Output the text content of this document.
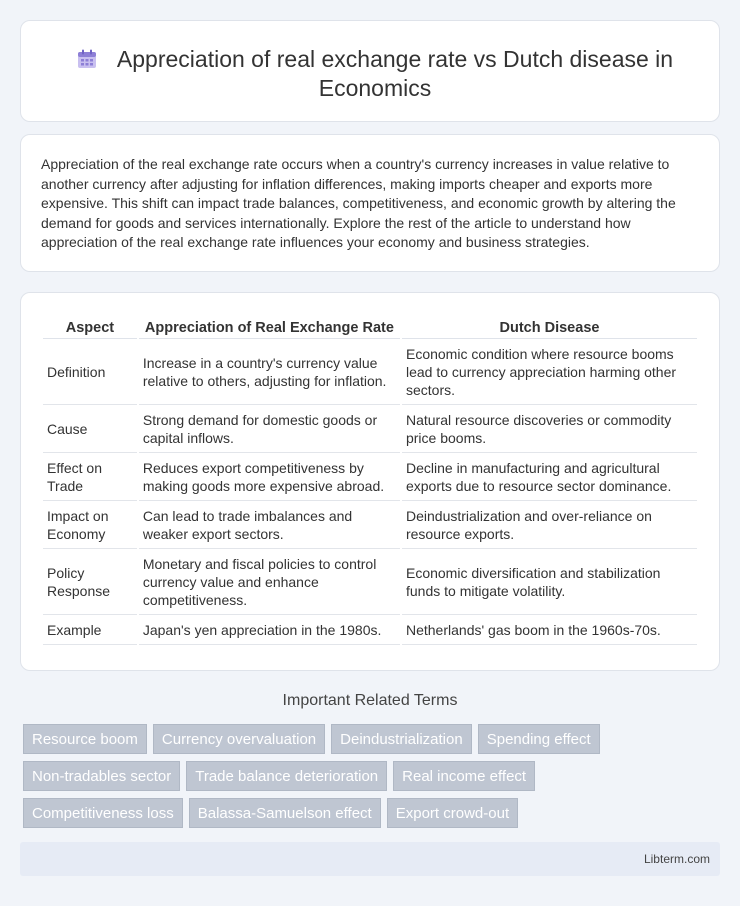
Appreciation of real exchange rate vs Dutch disease in Economics

Appreciation of the real exchange rate occurs when a country's currency increases in value relative to another currency after adjusting for inflation differences, making imports cheaper and exports more expensive. This shift can impact trade balances, competitiveness, and economic growth by altering the demand for goods and services internationally. Explore the rest of the article to understand how appreciation of the real exchange rate influences your economy and business strategies.

Aspect	Appreciation of Real Exchange Rate	Dutch Disease
Definition	Increase in a country's currency value relative to others, adjusting for inflation.	Economic condition where resource booms lead to currency appreciation harming other sectors.
Cause	Strong demand for domestic goods or capital inflows.	Natural resource discoveries or commodity price booms.
Effect on Trade	Reduces export competitiveness by making goods more expensive abroad.	Decline in manufacturing and agricultural exports due to resource sector dominance.
Impact on Economy	Can lead to trade imbalances and weaker export sectors.	Deindustrialization and over-reliance on resource exports.
Policy Response	Monetary and fiscal policies to control currency value and enhance competitiveness.	Economic diversification and stabilization funds to mitigate volatility.
Example	Japan's yen appreciation in the 1980s.	Netherlands' gas boom in the 1960s-70s.
Important Related Terms
Resource boom	Currency overvaluation	Deindustrialization	Spending effect
Non-tradables sector	Trade balance deterioration	Real income effect
Competitiveness loss	Balassa-Samuelson effect	Export crowd-out
Libterm.com
